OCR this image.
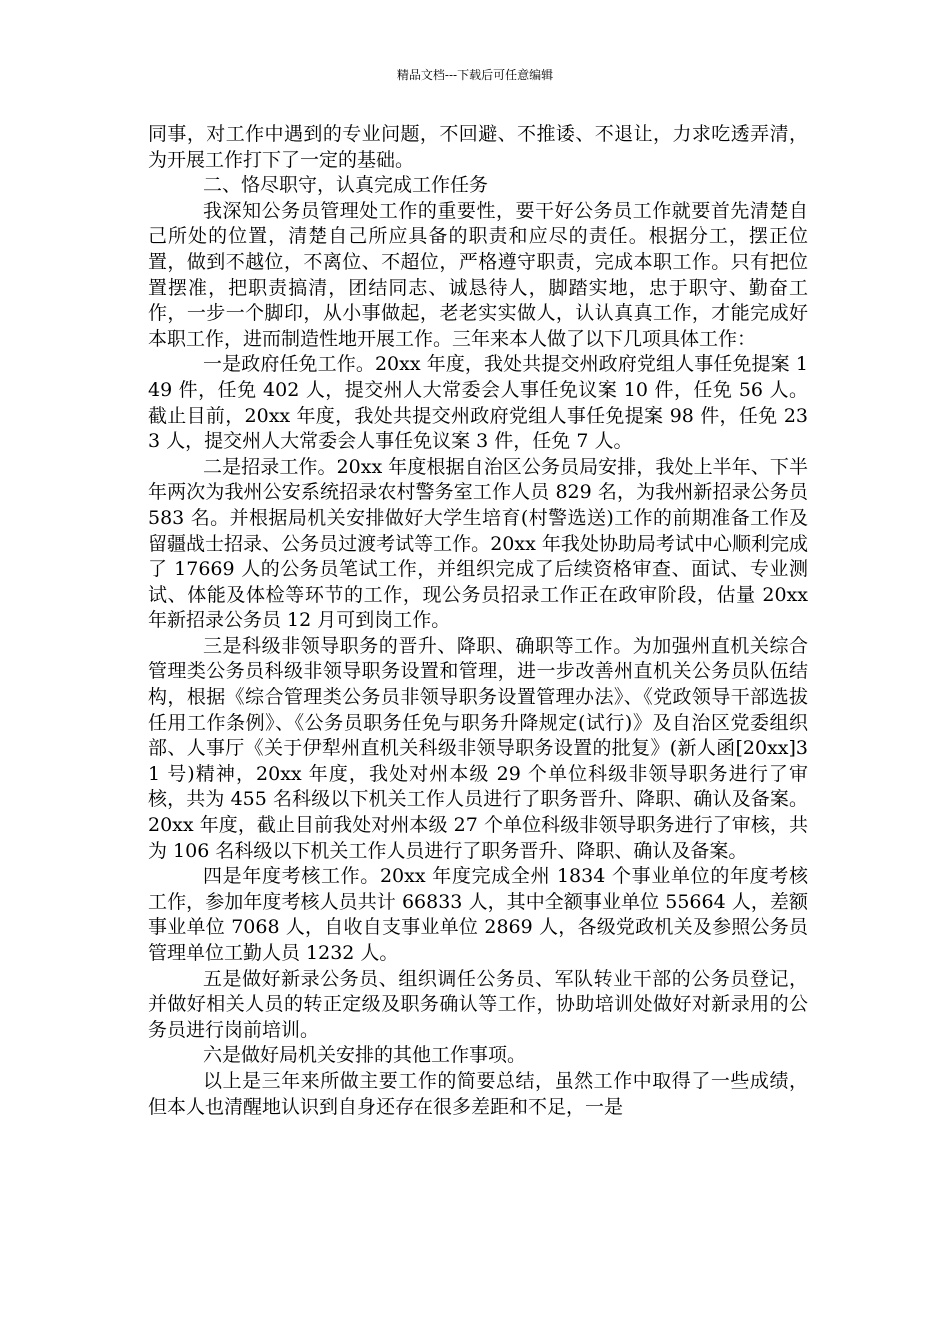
精品文档---下载后可任意编辑

同事，对工作中遇到的专业问题，不回避、不推诿、不退让，力求吃透弄清，为开展工作打下了一定的基础。

二、恪尽职守，认真完成工作任务

我深知公务员管理处工作的重要性，要干好公务员工作就要首先清楚自己所处的位置，清楚自己所应具备的职责和应尽的责任。根据分工，摆正位置，做到不越位，不离位、不超位，严格遵守职责，完成本职工作。只有把位置摆准，把职责搞清，团结同志、诚恳待人，脚踏实地，忠于职守、勤奋工作，一步一个脚印，从小事做起，老老实实做人，认认真真工作，才能完成好本职工作，进而制造性地开展工作。三年来本人做了以下几项具体工作：

一是政府任免工作。20xx 年度，我处共提交州政府党组人事任免提案 149 件，任免 402 人，提交州人大常委会人事任免议案 10 件，任免 56 人。截止目前，20xx 年度，我处共提交州政府党组人事任免提案 98 件，任免 233 人，提交州人大常委会人事任免议案 3 件，任免 7 人。

二是招录工作。20xx 年度根据自治区公务员局安排，我处上半年、下半年两次为我州公安系统招录农村警务室工作人员 829 名，为我州新招录公务员 583 名。并根据局机关安排做好大学生培育(村警选送)工作的前期准备工作及留疆战士招录、公务员过渡考试等工作。20xx 年我处协助局考试中心顺利完成了 17669 人的公务员笔试工作，并组织完成了后续资格审查、面试、专业测试、体能及体检等环节的工作，现公务员招录工作正在政审阶段，估量 20xx 年新招录公务员 12 月可到岗工作。

三是科级非领导职务的晋升、降职、确职等工作。为加强州直机关综合管理类公务员科级非领导职务设置和管理，进一步改善州直机关公务员队伍结构，根据《综合管理类公务员非领导职务设置管理办法》、《党政领导干部选拔任用工作条例》、《公务员职务任免与职务升降规定(试行)》及自治区党委组织部、人事厅《关于伊犁州直机关科级非领导职务设置的批复》(新人函[20xx]31 号)精神，20xx 年度，我处对州本级 29 个单位科级非领导职务进行了审核，共为 455 名科级以下机关工作人员进行了职务晋升、降职、确认及备案。20xx 年度，截止目前我处对州本级 27 个单位科级非领导职务进行了审核，共为 106 名科级以下机关工作人员进行了职务晋升、降职、确认及备案。

四是年度考核工作。20xx 年度完成全州 1834 个事业单位的年度考核工作，参加年度考核人员共计 66833 人，其中全额事业单位 55664 人，差额事业单位 7068 人，自收自支事业单位 2869 人，各级党政机关及参照公务员管理单位工勤人员 1232 人。

五是做好新录公务员、组织调任公务员、军队转业干部的公务员登记，并做好相关人员的转正定级及职务确认等工作，协助培训处做好对新录用的公务员进行岗前培训。

六是做好局机关安排的其他工作事项。

以上是三年来所做主要工作的简要总结，虽然工作中取得了一些成绩，但本人也清醒地认识到自身还存在很多差距和不足，一是
